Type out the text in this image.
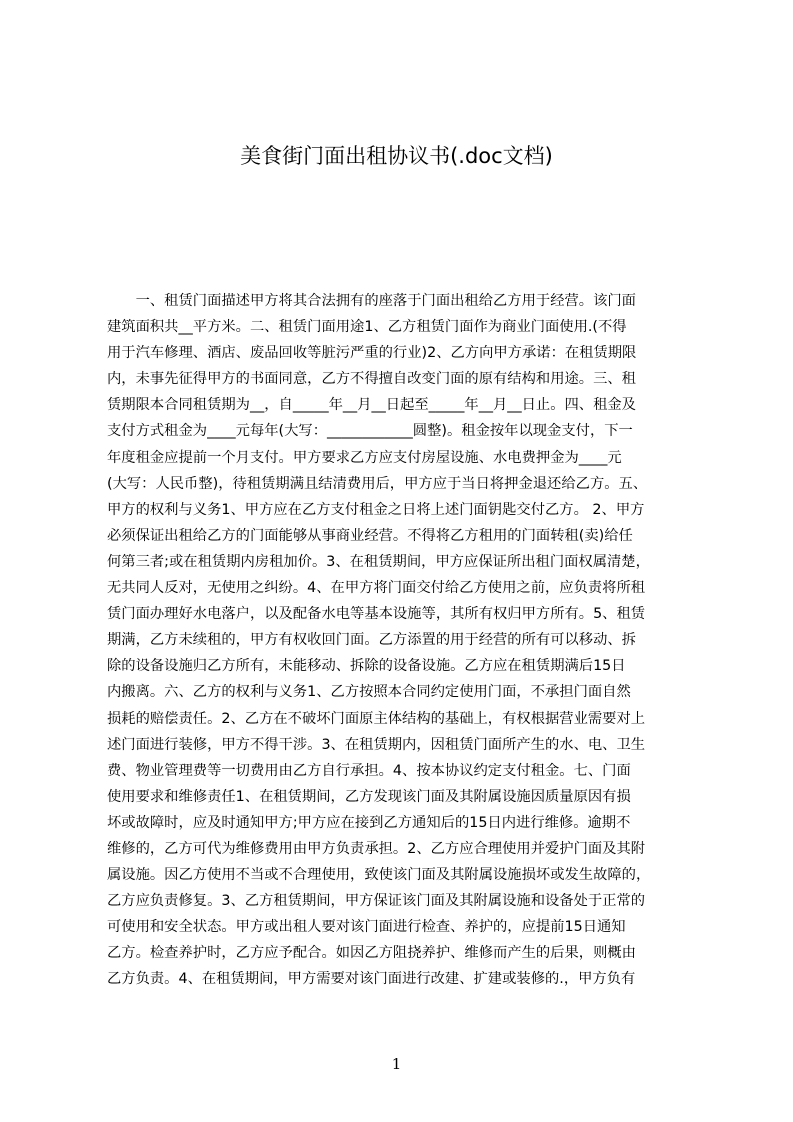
美食街门面出租协议书(.doc文档)
　　一、租赁门面描述甲方将其合法拥有的座落于门面出租给乙方用于经营。该门面
建筑面积共__平方米。二、租赁门面用途1、乙方租赁门面作为商业门面使用.(不得
用于汽车修理、酒店、废品回收等脏污严重的行业)2、乙方向甲方承诺：在租赁期限
内，未事先征得甲方的书面同意，乙方不得擅自改变门面的原有结构和用途。三、租
赁期限本合同租赁期为__，自_____年__月__日起至_____年__月__日止。四、租金及
支付方式租金为____元每年(大写：____________圆整)。租金按年以现金支付，下一
年度租金应提前一个月支付。甲方要求乙方应支付房屋设施、水电费押金为____元
(大写：人民币整)，待租赁期满且结清费用后，甲方应于当日将押金退还给乙方。五、
甲方的权利与义务1、甲方应在乙方支付租金之日将上述门面钥匙交付乙方。 2、甲方
必须保证出租给乙方的门面能够从事商业经营。不得将乙方租用的门面转租(卖)给任
何第三者;或在租赁期内房租加价。3、在租赁期间，甲方应保证所出租门面权属清楚，
无共同人反对，无使用之纠纷。4、在甲方将门面交付给乙方使用之前，应负责将所租
赁门面办理好水电落户，以及配备水电等基本设施等，其所有权归甲方所有。5、租赁
期满，乙方未续租的，甲方有权收回门面。乙方添置的用于经营的所有可以移动、拆
除的设备设施归乙方所有，未能移动、拆除的设备设施。乙方应在租赁期满后15日
内搬离。六、乙方的权利与义务1、乙方按照本合同约定使用门面，不承担门面自然
损耗的赔偿责任。2、乙方在不破坏门面原主体结构的基础上，有权根据营业需要对上
述门面进行装修，甲方不得干涉。3、在租赁期内，因租赁门面所产生的水、电、卫生
费、物业管理费等一切费用由乙方自行承担。4、按本协议约定支付租金。七、门面
使用要求和维修责任1、在租赁期间，乙方发现该门面及其附属设施因质量原因有损
坏或故障时，应及时通知甲方;甲方应在接到乙方通知后的15日内进行维修。逾期不
维修的，乙方可代为维修费用由甲方负责承担。2、乙方应合理使用并爱护门面及其附
属设施。因乙方使用不当或不合理使用，致使该门面及其附属设施损坏或发生故障的，
乙方应负责修复。3、乙方租赁期间，甲方保证该门面及其附属设施和设备处于正常的
可使用和安全状态。甲方或出租人要对该门面进行检查、养护的，应提前15日通知
乙方。检查养护时，乙方应予配合。如因乙方阻挠养护、维修而产生的后果，则概由
乙方负责。4、在租赁期间，甲方需要对该门面进行改建、扩建或装修的.，甲方负有
1
